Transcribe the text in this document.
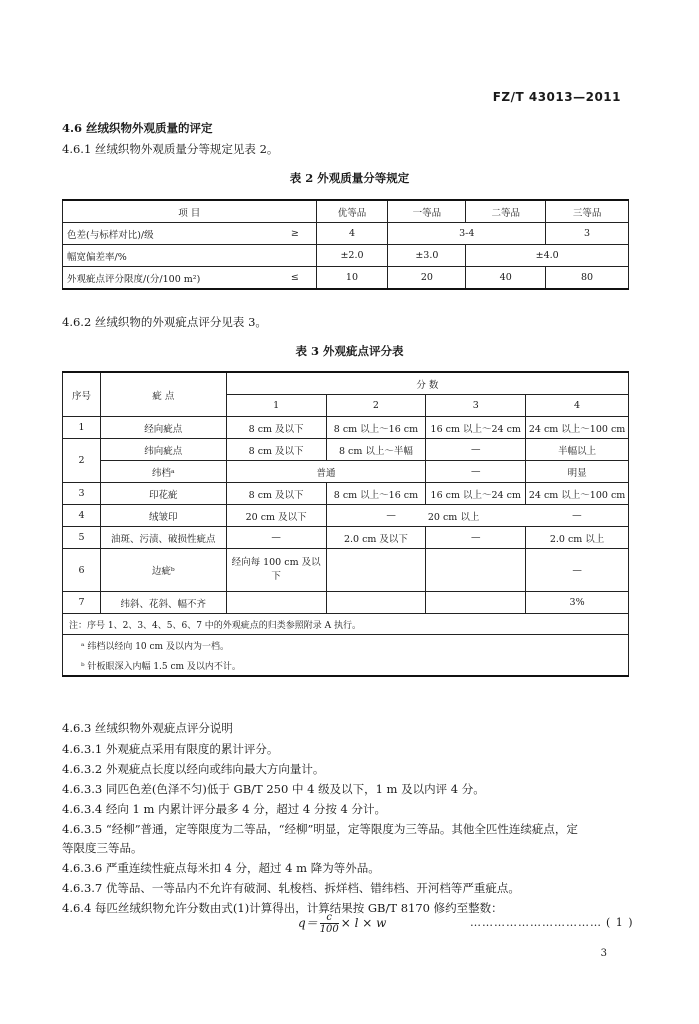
FZ/T 43013—2011
4.6 丝绒织物外观质量的评定
4.6.1 丝绒织物外观质量分等规定见表 2。
表 2 外观质量分等规定
项 目		优等品	一等品	二等品	三等品
色差(与标样对比)/级	≥	4	3-4		3
幅宽偏差率/%		±2.0	±3.0	±4.0	
外观疵点评分限度/(分/100 m²)	≤	10	20	40	80
4.6.2 丝绒织物的外观疵点评分见表 3。
表 3 外观疵点评分表
序号	疵 点	分 数			
		1	2	3	4
1	经向疵点	8 cm 及以下	8 cm 以上～16 cm	16 cm 以上～24 cm	24 cm 以上～100 cm
2	纬向疵点	8 cm 及以下	8 cm 以上～半幅	—	半幅以上
	纬档ᵃ	普通		—	明显
3	印花疵	8 cm 及以下	8 cm 以上～16 cm	16 cm 以上～24 cm	24 cm 以上～100 cm
4	绒皱印	20 cm 及以下	—	20 cm 以上	—
5	油斑、污渍、破损性疵点	—	2.0 cm 及以下	—	2.0 cm 以上
6	边疵ᵇ	经向每 100 cm 及以下			—
7	纬斜、花斜、幅不齐				3%
注：序号 1、2、3、4、5、6、7 中的外观疵点的归类参照附录 A 执行。					
ᵃ 纬档以经向 10 cm 及以内为一档。					
ᵇ 针板眼深入内幅 1.5 cm 及以内不计。					
4.6.3 丝绒织物外观疵点评分说明
4.6.3.1 外观疵点采用有限度的累计评分。
4.6.3.2 外观疵点长度以经向或纬向最大方向量计。
4.6.3.3 同匹色差(色泽不匀)低于 GB/T 250 中 4 级及以下，1 m 及以内评 4 分。
4.6.3.4 经向 1 m 内累计评分最多 4 分，超过 4 分按 4 分计。
4.6.3.5 “经柳”普通，定等限度为二等品，“经柳”明显，定等限度为三等品。其他全匹性连续疵点，定
等限度三等品。
4.6.3.6 严重连续性疵点每米扣 4 分，超过 4 m 降为等外品。
4.6.3.7 优等品、一等品内不允许有破洞、轧梭档、拆烊档、错纬档、开河档等严重疵点。
4.6.4 每匹丝绒织物允许分数由式(1)计算得出，计算结果按 GB/T 8170 修约至整数：
$q= \frac{c}{100} \times l \times w$	…………………………… ( 1 )
3
